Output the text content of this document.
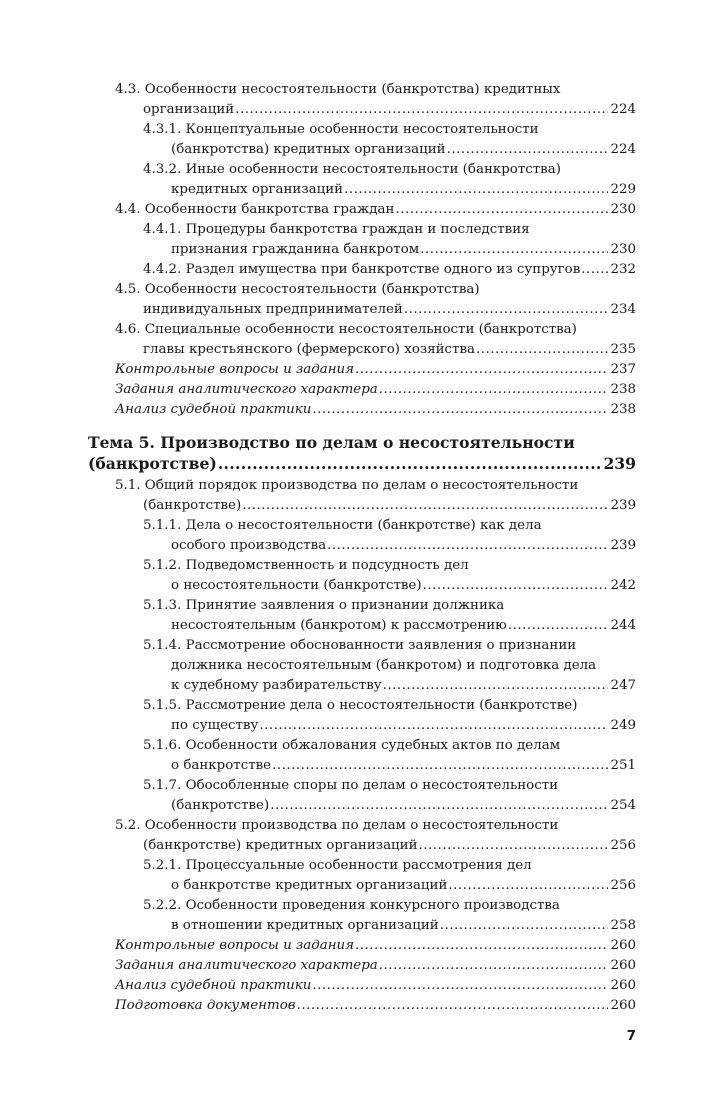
4.3. Особенности несостоятельности (банкротства) кредитных
организаций .....	224
4.3.1. Концептуальные особенности несостоятельности
(банкротства) кредитных организаций .....	224
4.3.2. Иные особенности несостоятельности (банкротства)
кредитных организаций .....	229
4.4. Особенности банкротства граждан .....	230
4.4.1. Процедуры банкротства граждан и последствия
признания гражданина банкротом .....	230
4.4.2. Раздел имущества при банкротстве одного из супругов ..... 232
4.5. Особенности несостоятельности (банкротства)
индивидуальных предпринимателей .....	234
4.6. Специальные особенности несостоятельности (банкротства)
главы крестьянского (фермерского) хозяйства .....	235
Контрольные вопросы и задания .....	237
Задания аналитического характера .....	238
Анализ судебной практики .....	238
Тема 5. Производство по делам о несостоятельности
(банкротстве) .....	239
5.1. Общий порядок производства по делам о несостоятельности
(банкротстве) .....	239
5.1.1. Дела о несостоятельности (банкротстве) как дела
особого производства .....	239
5.1.2. Подведомственность и подсудность дел
о несостоятельности (банкротстве) .....	242
5.1.3. Принятие заявления о признании должника
несостоятельным (банкротом) к рассмотрению .....	244
5.1.4. Рассмотрение обоснованности заявления о признании
должника несостоятельным (банкротом) и подготовка дела
к судебному разбирательству .....	247
5.1.5. Рассмотрение дела о несостоятельности (банкротстве)
по существу .....	249
5.1.6. Особенности обжалования судебных актов по делам
о банкротстве .....	251
5.1.7. Обособленные споры по делам о несостоятельности
(банкротстве) .....	254
5.2. Особенности производства по делам о несостоятельности
(банкротстве) кредитных организаций .....	256
5.2.1. Процессуальные особенности рассмотрения дел
о банкротстве кредитных организаций .....	256
5.2.2. Особенности проведения конкурсного производства
в отношении кредитных организаций .....	258
Контрольные вопросы и задания .....	260
Задания аналитического характера .....	260
Анализ судебной практики .....	260
Подготовка документов .....	260
7
